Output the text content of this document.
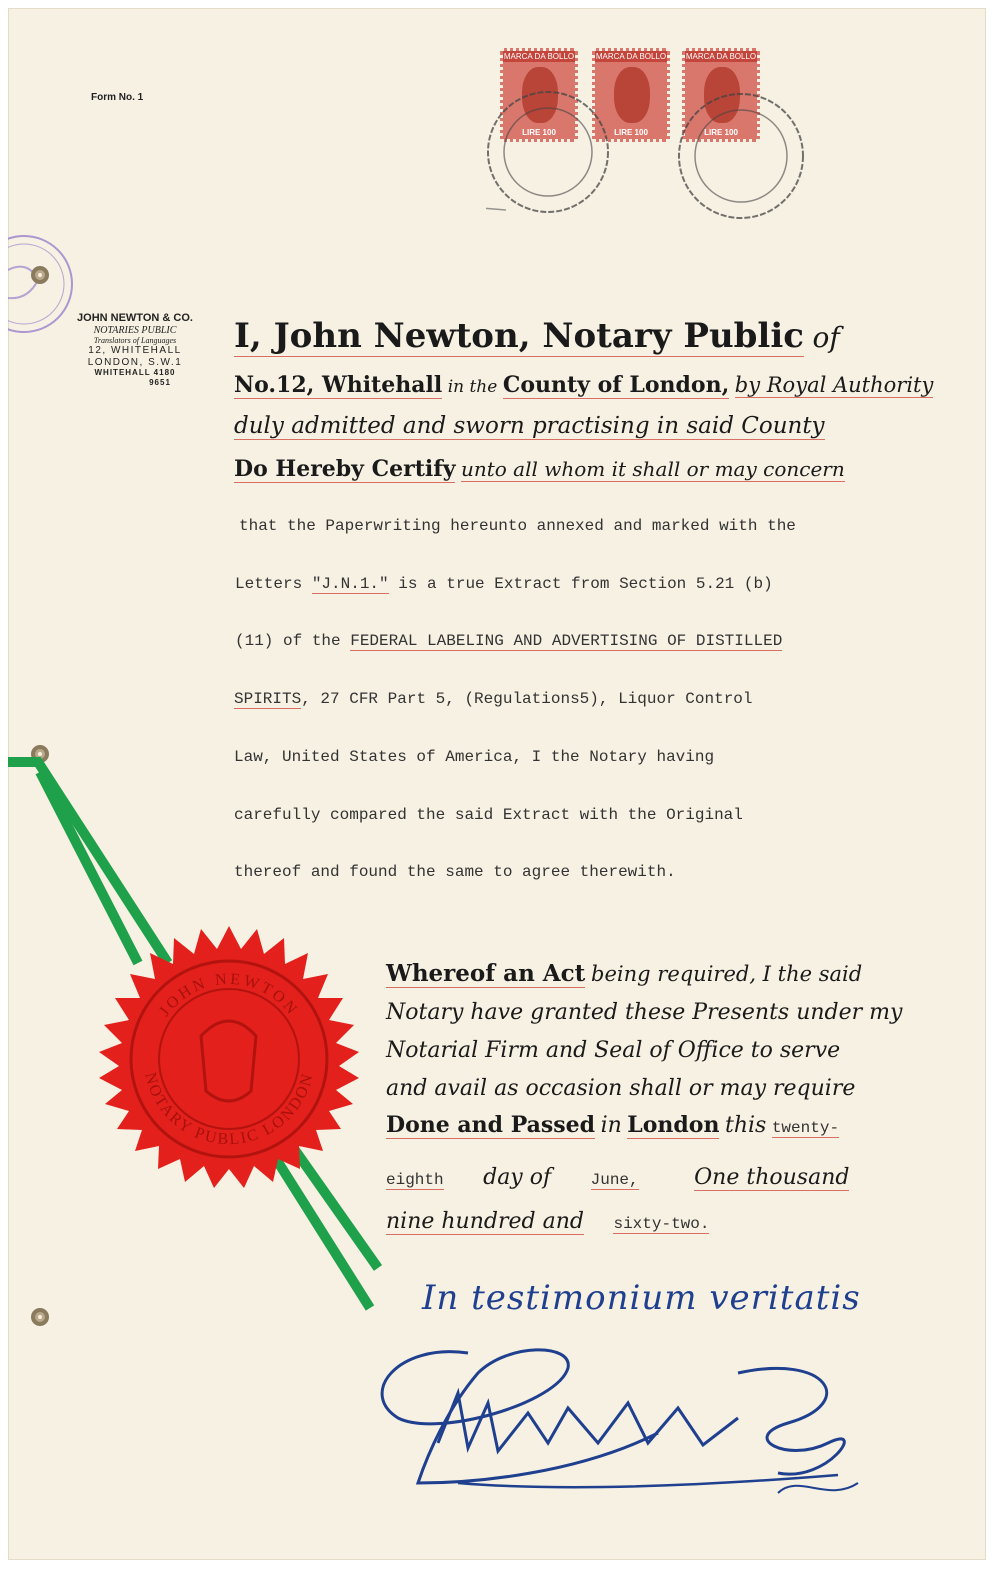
Form No. 1
JOHN NEWTON & CO.
NOTARIES PUBLIC
Translators of Languages
12, WHITEHALL
LONDON, S.W.1
WHITEHALL 4180
9651
MARCA DA BOLLO
LIRE 100
MARCA DA BOLLO
LIRE 100
MARCA DA BOLLO
LIRE 100
JOHN NEWTON
NOTARY PUBLIC LONDON
I, John Newton, Notary Public of
No.12, Whitehall in the County of London, by Royal Authority
duly admitted and sworn practising in said County
Do Hereby Certify unto all whom it shall or may concern
that the Paperwriting hereunto annexed and marked with the
Letters "J.N.1." is a true Extract from Section 5.21 (b)
(11) of the FEDERAL LABELING AND ADVERTISING OF DISTILLED
SPIRITS, 27 CFR Part 5, (Regulations5), Liquor Control
Law, United States of America, I the Notary having
carefully compared the said Extract with the Original
thereof and found the same to agree therewith.
Whereof an Act being required, I the said
Notary have granted these Presents under my
Notarial Firm and Seal of Office to serve
and avail as occasion shall or may require
Done and Passed in London this twenty-
eighth day of June,	One thousand
nine hundred and sixty-two.
In testimonium veritatis
